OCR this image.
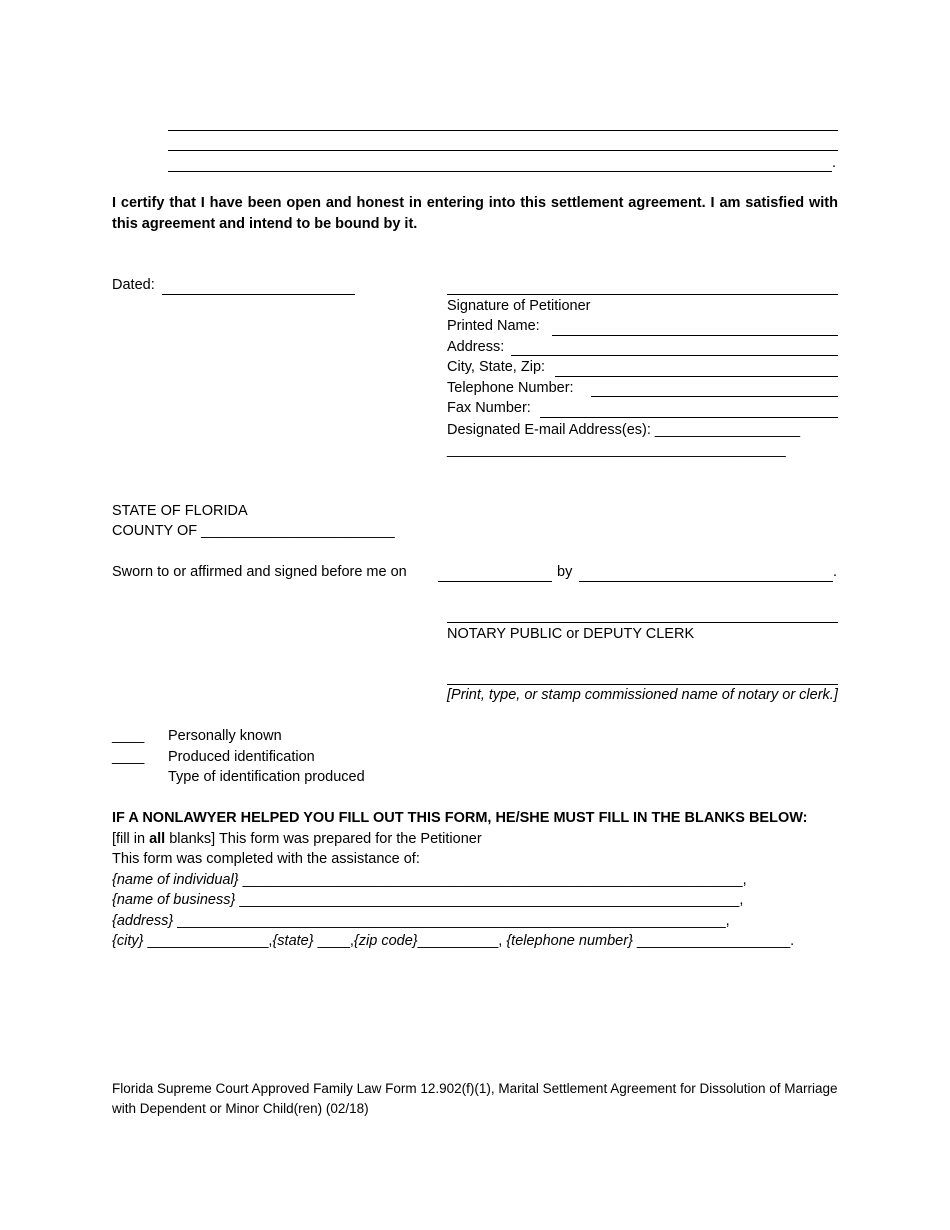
.
I certify that I have been open and honest in entering into this settlement agreement. I am satisfied with this agreement and intend to be bound by it.
Dated:
Signature of Petitioner
Printed Name:
Address:
City, State, Zip:
Telephone Number:
Fax Number:
Designated E-mail Address(es): __________________
__________________________________________
STATE OF FLORIDA
COUNTY OF ________________________
Sworn to or affirmed and signed before me on	by	.
NOTARY PUBLIC or DEPUTY CLERK
[Print, type, or stamp commissioned name of notary or clerk.]
____ Personally known
____ Produced identification
Type of identification produced
IF A NONLAWYER HELPED YOU FILL OUT THIS FORM, HE/SHE MUST FILL IN THE BLANKS BELOW:
[fill in all blanks] This form was prepared for the Petitioner
This form was completed with the assistance of:
{name of individual} ______________________________________________________________,
{name of business} ______________________________________________________________,
{address} ____________________________________________________________________,
{city} _______________,{state} ____,{zip code}__________, {telephone number} ___________________.
Florida Supreme Court Approved Family Law Form 12.902(f)(1), Marital Settlement Agreement for Dissolution of Marriage with Dependent or Minor Child(ren) (02/18)
